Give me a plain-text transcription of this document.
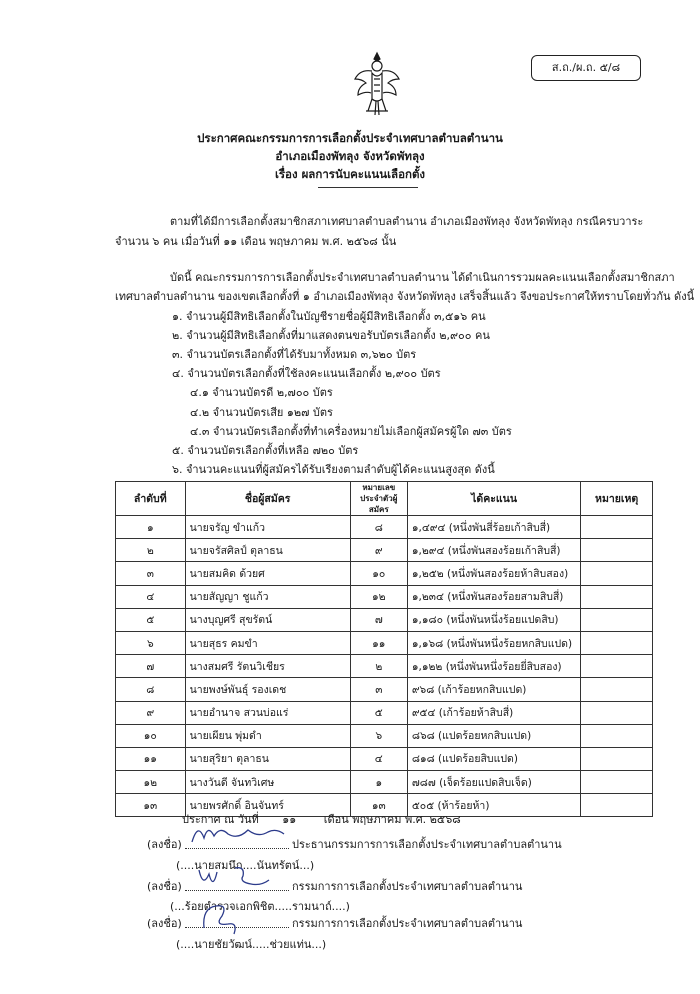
ส.ถ./ผ.ถ. ๕/๘
ประกาศคณะกรรมการการเลือกตั้งประจำเทศบาลตำบลตำนาน
อำเภอเมืองพัทลุง จังหวัดพัทลุง
เรื่อง ผลการนับคะแนนเลือกตั้ง
ตามที่ได้มีการเลือกตั้งสมาชิกสภาเทศบาลตำบลตำนาน อำเภอเมืองพัทลุง จังหวัดพัทลุง กรณีครบวาระ
จำนวน ๖ คน เมื่อวันที่ ๑๑ เดือน พฤษภาคม พ.ศ. ๒๕๖๘ นั้น
บัดนี้ คณะกรรมการการเลือกตั้งประจำเทศบาลตำบลตำนาน ได้ดำเนินการรวมผลคะแนนเลือกตั้งสมาชิกสภา
เทศบาลตำบลตำนาน ของเขตเลือกตั้งที่ ๑ อำเภอเมืองพัทลุง จังหวัดพัทลุง เสร็จสิ้นแล้ว จึงขอประกาศให้ทราบโดยทั่วกัน ดังนี้
๑. จำนวนผู้มีสิทธิเลือกตั้งในบัญชีรายชื่อผู้มีสิทธิเลือกตั้ง ๓,๕๑๖ คน
๒. จำนวนผู้มีสิทธิเลือกตั้งที่มาแสดงตนขอรับบัตรเลือกตั้ง ๒,๙๐๐ คน
๓. จำนวนบัตรเลือกตั้งที่ได้รับมาทั้งหมด ๓,๖๒๐ บัตร
๔. จำนวนบัตรเลือกตั้งที่ใช้ลงคะแนนเลือกตั้ง ๒,๙๐๐ บัตร
๔.๑ จำนวนบัตรดี ๒,๗๐๐ บัตร
๔.๒ จำนวนบัตรเสีย ๑๒๗ บัตร
๔.๓ จำนวนบัตรเลือกตั้งที่ทำเครื่องหมายไม่เลือกผู้สมัครผู้ใด ๗๓ บัตร
๕. จำนวนบัตรเลือกตั้งที่เหลือ ๗๒๐ บัตร
๖. จำนวนคะแนนที่ผู้สมัครได้รับเรียงตามลำดับผู้ได้คะแนนสูงสุด ดังนี้
ลำดับที่	ชื่อผู้สมัคร	หมายเลข
ประจำตัวผู้สมัคร	ได้คะแนน	หมายเหตุ
๑	นายจรัญ ขำแก้ว	๘	๑,๔๙๔ (หนึ่งพันสี่ร้อยเก้าสิบสี่)	
๒	นายจรัสศิลป์ ตุลาธน	๙	๑,๒๙๔ (หนึ่งพันสองร้อยเก้าสิบสี่)	
๓	นายสมคิด ด้วยศ	๑๐	๑,๒๕๒ (หนึ่งพันสองร้อยห้าสิบสอง)	
๔	นายสัญญา ชูแก้ว	๑๒	๑,๒๓๔ (หนึ่งพันสองร้อยสามสิบสี่)	
๕	นางบุญศรี สุขรัตน์	๗	๑,๑๘๐ (หนึ่งพันหนึ่งร้อยแปดสิบ)	
๖	นายสุธร คมขำ	๑๑	๑,๑๖๘ (หนึ่งพันหนึ่งร้อยหกสิบแปด)	
๗	นางสมศรี รัตนวิเชียร	๒	๑,๑๒๒ (หนึ่งพันหนึ่งร้อยยี่สิบสอง)	
๘	นายพงษ์พันธุ์ รองเดช	๓	๙๖๘ (เก้าร้อยหกสิบแปด)	
๙	นายอำนาจ สวนบ่อแร่	๕	๙๕๔ (เก้าร้อยห้าสิบสี่)	
๑๐	นายเผียน พุ่มดำ	๖	๘๖๘ (แปดร้อยหกสิบแปด)	
๑๑	นายสุริยา ตุลาธน	๔	๘๑๘ (แปดร้อยสิบแปด)	
๑๒	นางวันดี จันทวิเศษ	๑	๗๘๗ (เจ็ดร้อยแปดสิบเจ็ด)	
๑๓	นายพรศักดิ์ อินจันทร์	๑๓	๕๐๕ (ห้าร้อยห้า)	
ประกาศ ณ วันที่ ๑๑	เดือน พฤษภาคม พ.ศ. ๒๕๖๘
(ลงชื่อ)	ประธานกรรมการการเลือกตั้งประจำเทศบาลตำบลตำนาน
(....นายสมนึก....นันทรัตน์...)
(ลงชื่อ)	กรรมการการเลือกตั้งประจำเทศบาลตำบลตำนาน
(...ร้อยตำรวจเอกพิชิต.....รามนาถ์....)
(ลงชื่อ)	กรรมการการเลือกตั้งประจำเทศบาลตำบลตำนาน
(....นายชัยวัฒน์.....ช่วยแท่น...)
